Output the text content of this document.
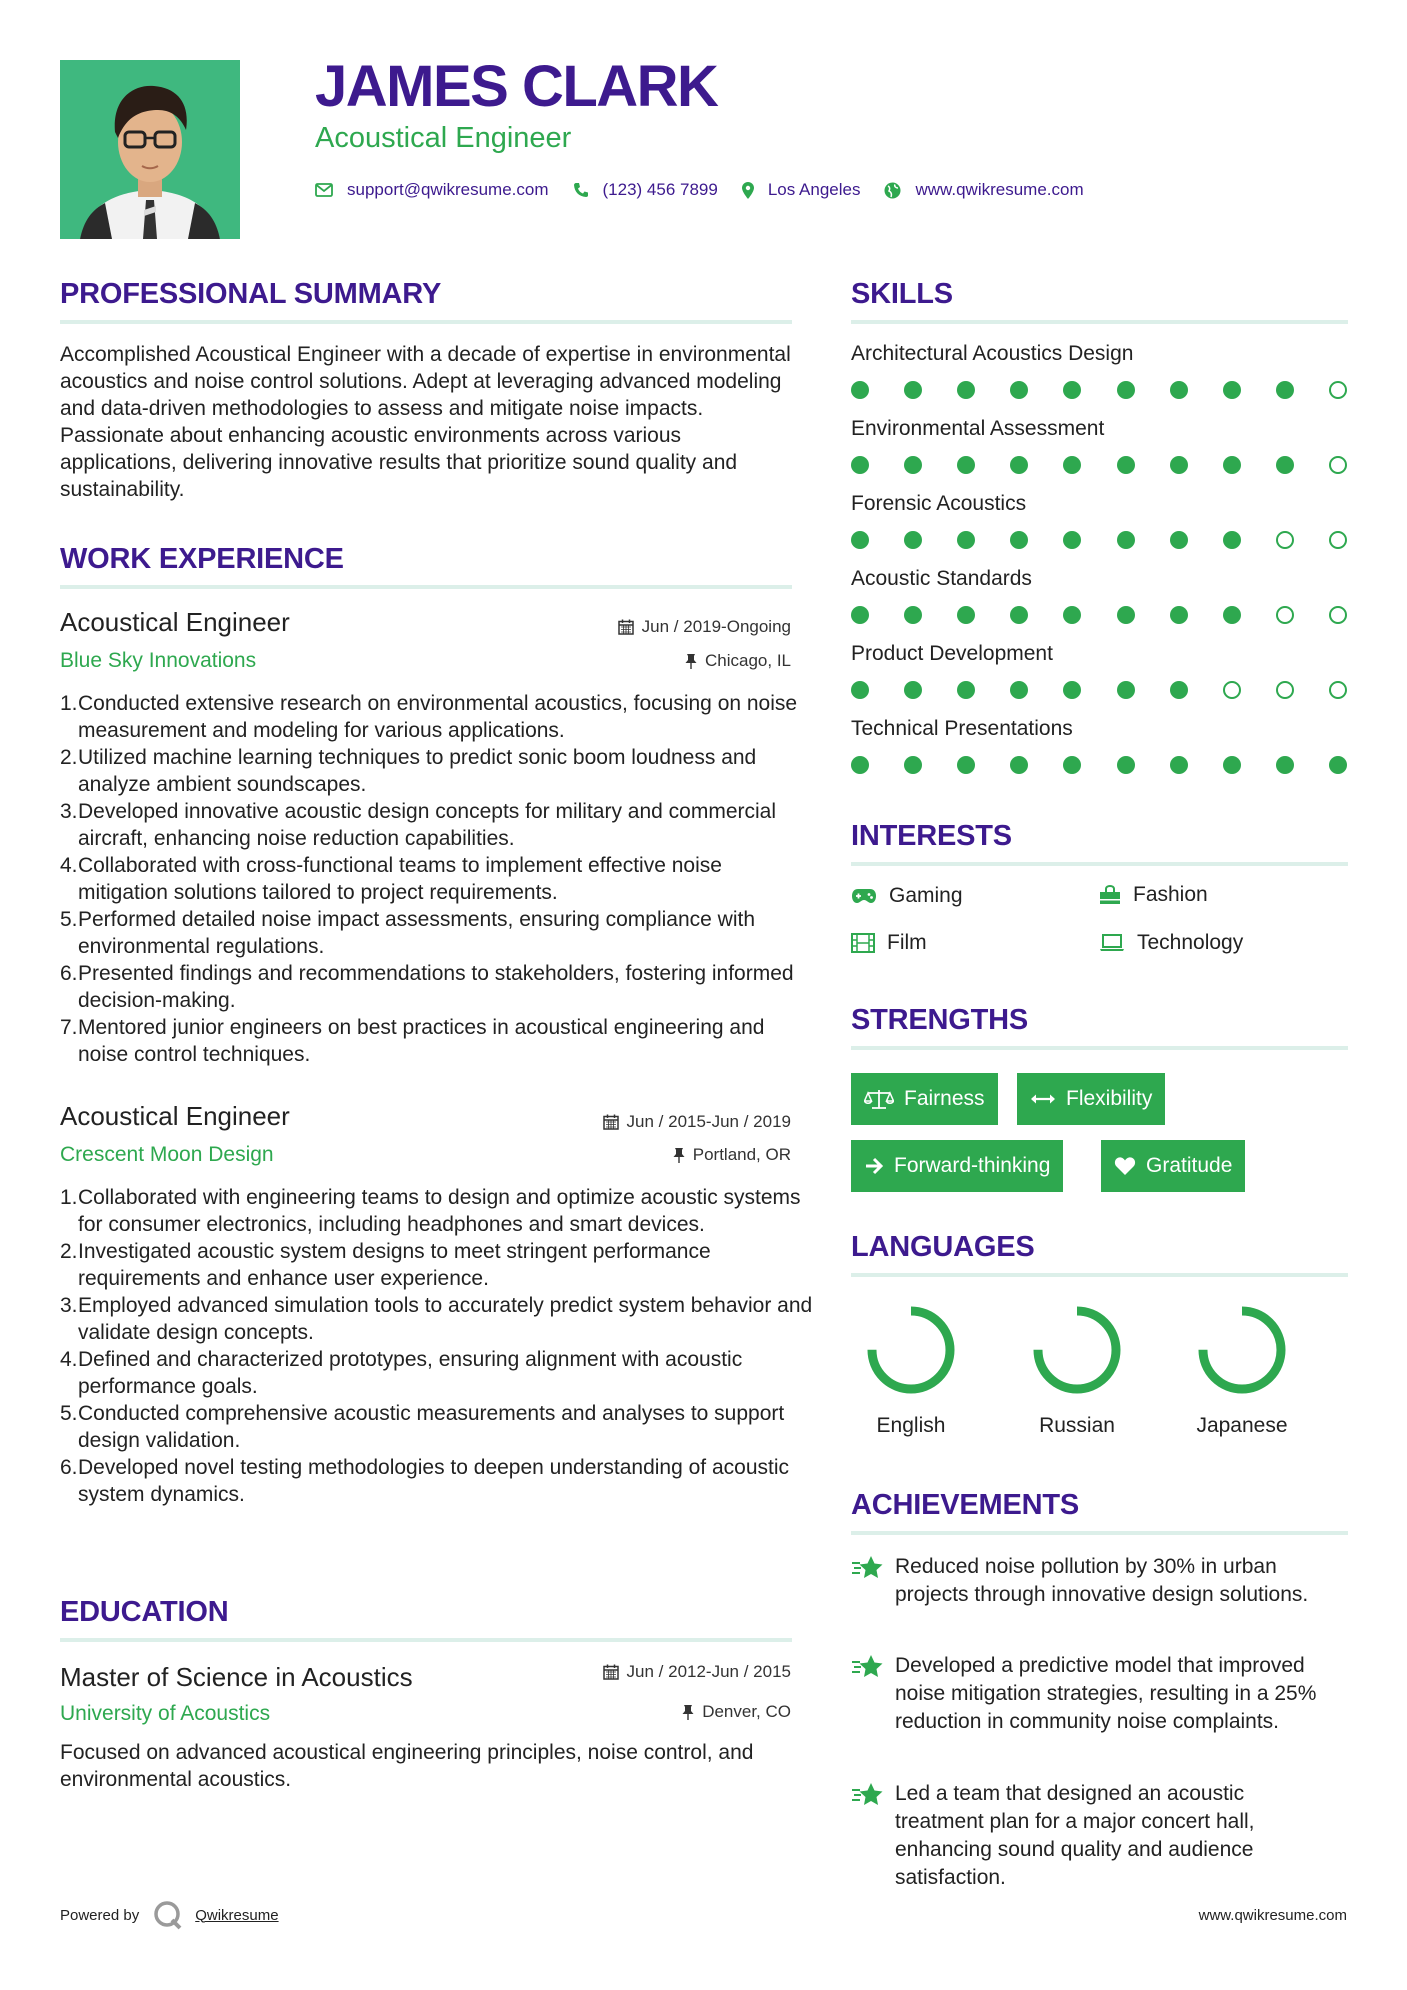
JAMES CLARK
Acoustical Engineer
support@qwikresume.com	(123) 456 7899	Los Angeles	www.qwikresume.com
PROFESSIONAL SUMMARY
Accomplished Acoustical Engineer with a decade of expertise in environmental acoustics and noise control solutions. Adept at leveraging advanced modeling and data-driven methodologies to assess and mitigate noise impacts. Passionate about enhancing acoustic environments across various applications, delivering innovative results that prioritize sound quality and sustainability.
WORK EXPERIENCE
Acoustical Engineer	Jun / 2019-Ongoing
Blue Sky Innovations	Chicago, IL
1. Conducted extensive research on environmental acoustics, focusing on noise measurement and modeling for various applications.
2. Utilized machine learning techniques to predict sonic boom loudness and analyze ambient soundscapes.
3. Developed innovative acoustic design concepts for military and commercial aircraft, enhancing noise reduction capabilities.
4. Collaborated with cross-functional teams to implement effective noise mitigation solutions tailored to project requirements.
5. Performed detailed noise impact assessments, ensuring compliance with environmental regulations.
6. Presented findings and recommendations to stakeholders, fostering informed decision-making.
7. Mentored junior engineers on best practices in acoustical engineering and noise control techniques.
Acoustical Engineer	Jun / 2015-Jun / 2019
Crescent Moon Design	Portland, OR
1. Collaborated with engineering teams to design and optimize acoustic systems for consumer electronics, including headphones and smart devices.
2. Investigated acoustic system designs to meet stringent performance requirements and enhance user experience.
3. Employed advanced simulation tools to accurately predict system behavior and validate design concepts.
4. Defined and characterized prototypes, ensuring alignment with acoustic performance goals.
5. Conducted comprehensive acoustic measurements and analyses to support design validation.
6. Developed novel testing methodologies to deepen understanding of acoustic system dynamics.
EDUCATION
Master of Science in Acoustics	Jun / 2012-Jun / 2015
University of Acoustics	Denver, CO
Focused on advanced acoustical engineering principles, noise control, and environmental acoustics.
SKILLS
Architectural Acoustics Design
Environmental Assessment
Forensic Acoustics
Acoustic Standards
Product Development
Technical Presentations
INTERESTS
Gaming	Fashion
Film	Technology
STRENGTHS
Fairness	Flexibility
Forward-thinking	Gratitude
LANGUAGES
English	Russian	Japanese
ACHIEVEMENTS
Reduced noise pollution by 30% in urban projects through innovative design solutions.
Developed a predictive model that improved noise mitigation strategies, resulting in a 25% reduction in community noise complaints.
Led a team that designed an acoustic treatment plan for a major concert hall, enhancing sound quality and audience satisfaction.
Powered by	Qwikresume	www.qwikresume.com
